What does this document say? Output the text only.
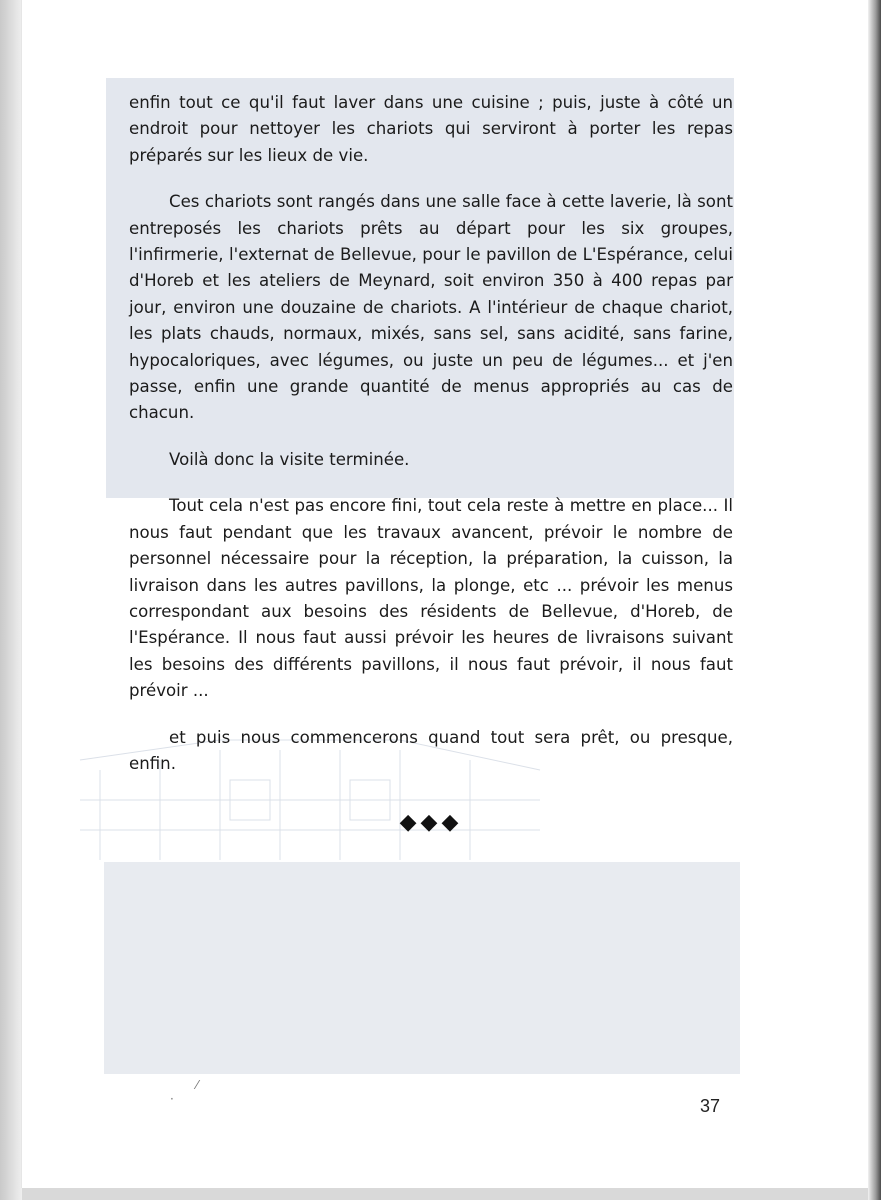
enfin tout ce qu'il faut laver dans une cuisine ; puis, juste à côté un endroit pour nettoyer les chariots qui serviront à porter les repas préparés sur les lieux de vie.

Ces chariots sont rangés dans une salle face à cette laverie, là sont entreposés les chariots prêts au départ pour les six groupes, l'infirmerie, l'externat de Bellevue, pour le pavillon de L'Espérance, celui d'Horeb et les ateliers de Meynard, soit environ 350 à 400 repas par jour, environ une douzaine de chariots. A l'intérieur de chaque chariot, les plats chauds, normaux, mixés, sans sel, sans acidité, sans farine, hypocaloriques, avec légumes, ou juste un peu de légumes... et j'en passe, enfin une grande quantité de menus appropriés au cas de chacun.

Voilà donc la visite terminée.

Tout cela n'est pas encore fini, tout cela reste à mettre en place... Il nous faut pendant que les travaux avancent, prévoir le nombre de personnel nécessaire pour la réception, la préparation, la cuisson, la livraison dans les autres pavillons, la plonge, etc ... prévoir les menus correspondant aux besoins des résidents de Bellevue, d'Horeb, de l'Espérance. Il nous faut aussi prévoir les heures de livraisons suivant les besoins des différents pavillons, il nous faut prévoir, il nous faut prévoir ...

et puis nous commencerons quand tout sera prêt, ou presque, enfin.

◆◆◆
⁄
·	37
